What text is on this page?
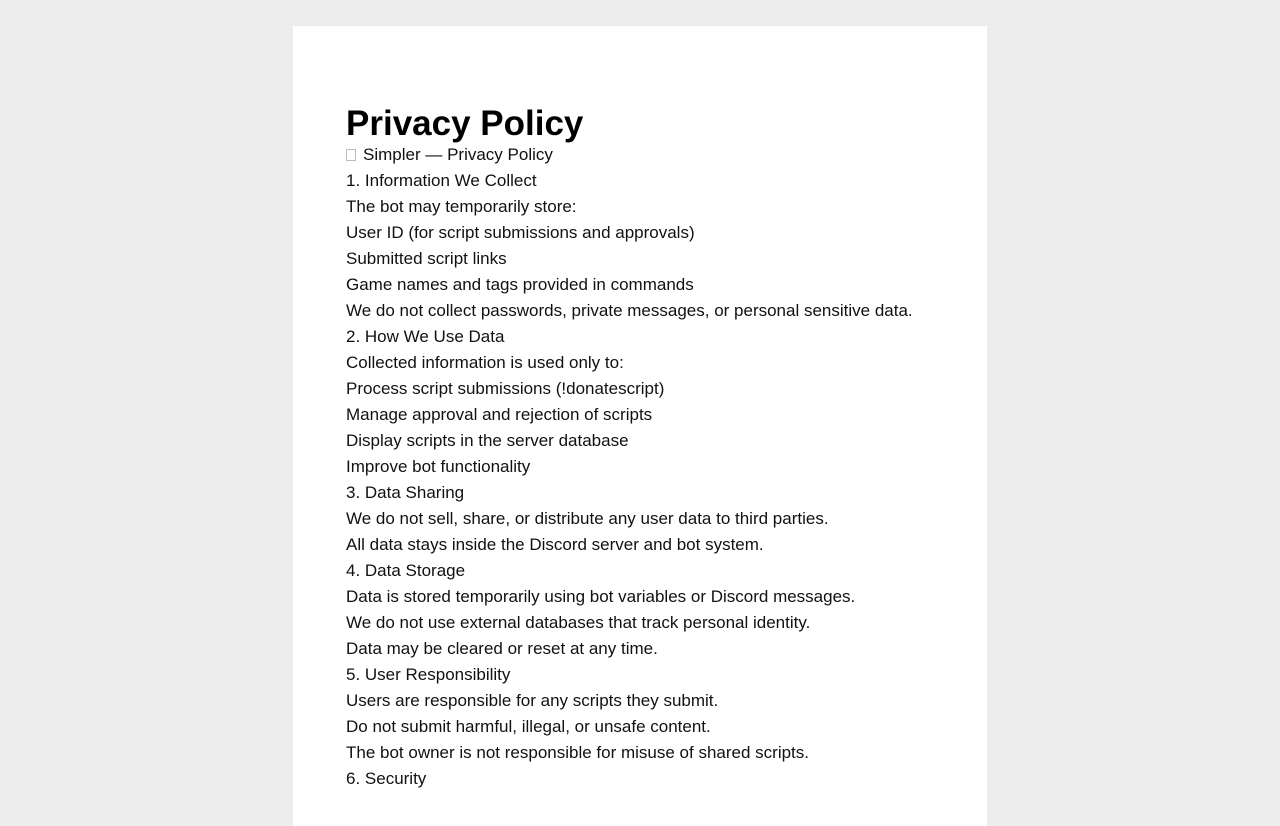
Privacy Policy
Simpler — Privacy Policy
1. Information We Collect
The bot may temporarily store:
User ID (for script submissions and approvals)
Submitted script links
Game names and tags provided in commands
We do not collect passwords, private messages, or personal sensitive data.
2. How We Use Data
Collected information is used only to:
Process script submissions (!donatescript)
Manage approval and rejection of scripts
Display scripts in the server database
Improve bot functionality
3. Data Sharing
We do not sell, share, or distribute any user data to third parties.
All data stays inside the Discord server and bot system.
4. Data Storage
Data is stored temporarily using bot variables or Discord messages.
We do not use external databases that track personal identity.
Data may be cleared or reset at any time.
5. User Responsibility
Users are responsible for any scripts they submit.
Do not submit harmful, illegal, or unsafe content.
The bot owner is not responsible for misuse of shared scripts.
6. Security
